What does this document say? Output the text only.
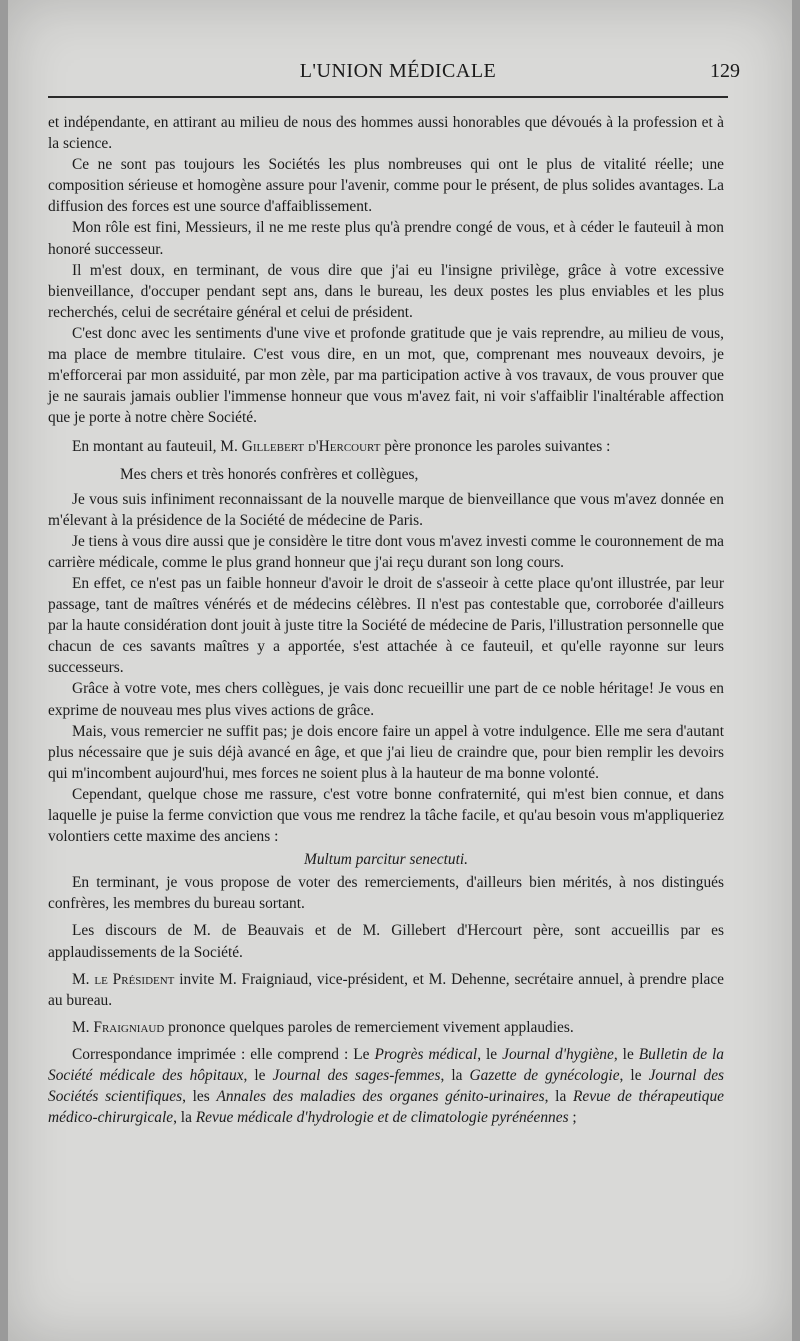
L'UNION MÉDICALE	129

et indépendante, en attirant au milieu de nous des hommes aussi honorables que dévoués à la profession et à la science.

Ce ne sont pas toujours les Sociétés les plus nombreuses qui ont le plus de vitalité réelle; une composition sérieuse et homogène assure pour l'avenir, comme pour le présent, de plus solides avantages. La diffusion des forces est une source d'affaiblissement.

Mon rôle est fini, Messieurs, il ne me reste plus qu'à prendre congé de vous, et à céder le fauteuil à mon honoré successeur.

Il m'est doux, en terminant, de vous dire que j'ai eu l'insigne privilège, grâce à votre excessive bienveillance, d'occuper pendant sept ans, dans le bureau, les deux postes les plus enviables et les plus recherchés, celui de secrétaire général et celui de président.

C'est donc avec les sentiments d'une vive et profonde gratitude que je vais reprendre, au milieu de vous, ma place de membre titulaire. C'est vous dire, en un mot, que, comprenant mes nouveaux devoirs, je m'efforcerai par mon assiduité, par mon zèle, par ma participation active à vos travaux, de vous prouver que je ne saurais jamais oublier l'immense honneur que vous m'avez fait, ni voir s'affaiblir l'inaltérable affection que je porte à notre chère Société.

En montant au fauteuil, M. Gillebert d'Hercourt père prononce les paroles suivantes :

Mes chers et très honorés confrères et collègues,

Je vous suis infiniment reconnaissant de la nouvelle marque de bienveillance que vous m'avez donnée en m'élevant à la présidence de la Société de médecine de Paris.

Je tiens à vous dire aussi que je considère le titre dont vous m'avez investi comme le couronnement de ma carrière médicale, comme le plus grand honneur que j'ai reçu durant son long cours.

En effet, ce n'est pas un faible honneur d'avoir le droit de s'asseoir à cette place qu'ont illustrée, par leur passage, tant de maîtres vénérés et de médecins célèbres. Il n'est pas contestable que, corroborée d'ailleurs par la haute considération dont jouit à juste titre la Société de médecine de Paris, l'illustration personnelle que chacun de ces savants maîtres y a apportée, s'est attachée à ce fauteuil, et qu'elle rayonne sur leurs successeurs.

Grâce à votre vote, mes chers collègues, je vais donc recueillir une part de ce noble héritage! Je vous en exprime de nouveau mes plus vives actions de grâce.

Mais, vous remercier ne suffit pas; je dois encore faire un appel à votre indulgence. Elle me sera d'autant plus nécessaire que je suis déjà avancé en âge, et que j'ai lieu de craindre que, pour bien remplir les devoirs qui m'incombent aujourd'hui, mes forces ne soient plus à la hauteur de ma bonne volonté.

Cependant, quelque chose me rassure, c'est votre bonne confraternité, qui m'est bien connue, et dans laquelle je puise la ferme conviction que vous me rendrez la tâche facile, et qu'au besoin vous m'appliqueriez volontiers cette maxime des anciens :

Multum parcitur senectuti.

En terminant, je vous propose de voter des remerciements, d'ailleurs bien mérités, à nos distingués confrères, les membres du bureau sortant.

Les discours de M. de Beauvais et de M. Gillebert d'Hercourt père, sont accueillis par es applaudissements de la Société.

M. le Président invite M. Fraigniaud, vice-président, et M. Dehenne, secrétaire annuel, à prendre place au bureau.

M. Fraigniaud prononce quelques paroles de remerciement vivement applaudies.

Correspondance imprimée : elle comprend : Le Progrès médical, le Journal d'hygiène, le Bulletin de la Société médicale des hôpitaux, le Journal des sages-femmes, la Gazette de gynécologie, le Journal des Sociétés scientifiques, les Annales des maladies des organes génito-urinaires, la Revue de thérapeutique médico-chirurgicale, la Revue médicale d'hydrologie et de climatologie pyrénéennes ;
